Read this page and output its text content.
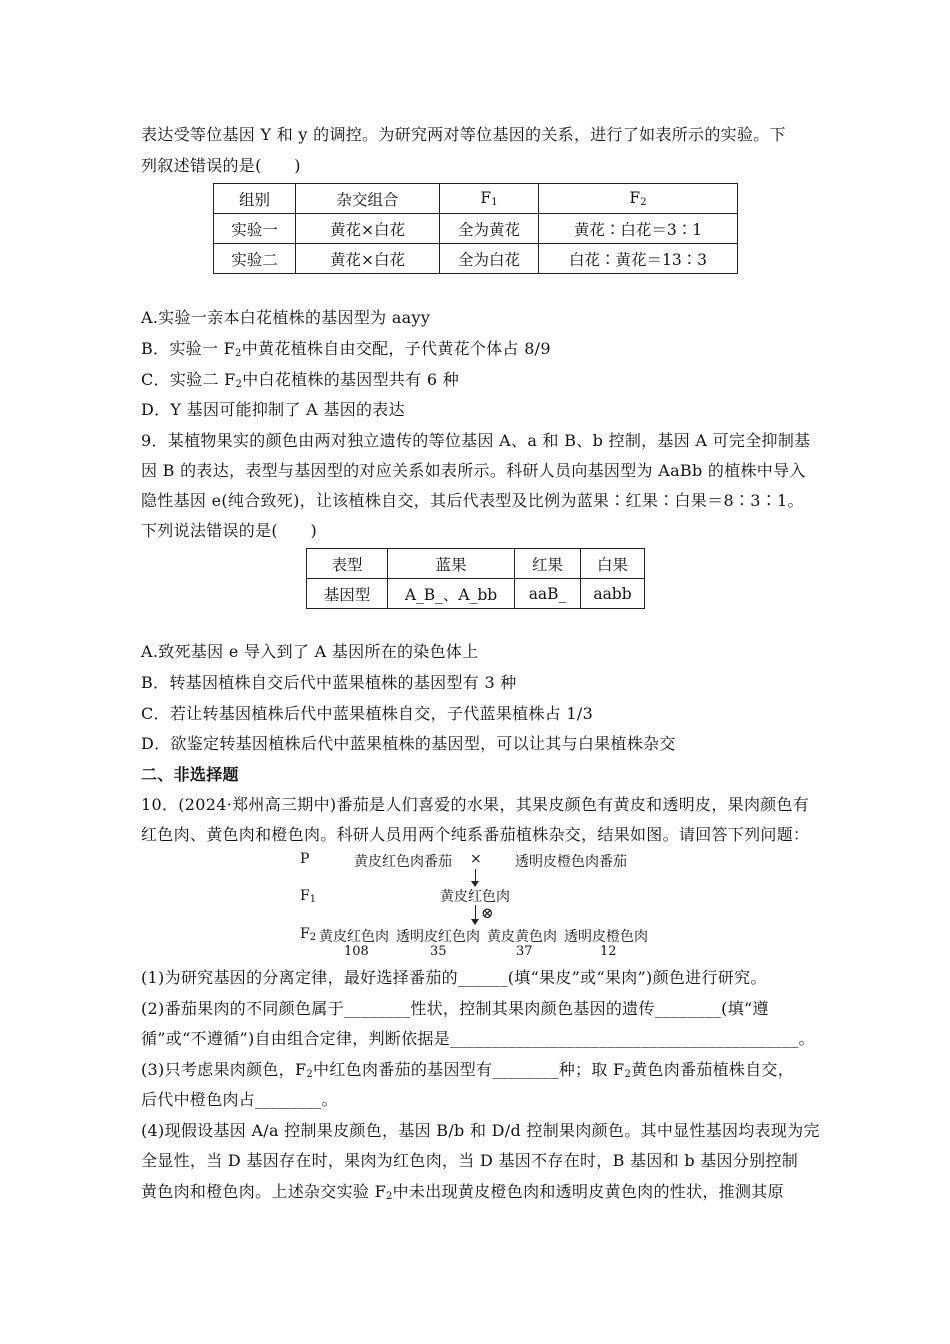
表达受等位基因 Y 和 y 的调控。为研究两对等位基因的关系，进行了如表所示的实验。下
列叙述错误的是(　　)
组别	杂交组合	$F_1$	$F_2$
实验一	黄花×白花	全为黄花	黄花∶白花＝3∶1
实验二	黄花×白花	全为白花	白花∶黄花＝13∶3
A.实验一亲本白花植株的基因型为 aayy
B．实验一 $F_2$中黄花植株自由交配，子代黄花个体占 8/9
C．实验二 $F_2$中白花植株的基因型共有 6 种
D．Y 基因可能抑制了 A 基因的表达
9．某植物果实的颜色由两对独立遗传的等位基因 A、a 和 B、b 控制，基因 A 可完全抑制基
因 B 的表达，表型与基因型的对应关系如表所示。科研人员向基因型为 AaBb 的植株中导入
隐性基因 e(纯合致死)，让该植株自交，其后代表型及比例为蓝果∶红果∶白果＝8∶3∶1。
下列说法错误的是(　　)
表型	蓝果	红果	白果
基因型	A_B_、A_bb	aaB_	aabb
A.致死基因 e 导入到了 A 基因所在的染色体上
B．转基因植株自交后代中蓝果植株的基因型有 3 种
C．若让转基因植株后代中蓝果植株自交，子代蓝果植株占 1/3
D．欲鉴定转基因植株后代中蓝果植株的基因型，可以让其与白果植株杂交
二、非选择题
10．(2024·郑州高三期中)番茄是人们喜爱的水果，其果皮颜色有黄皮和透明皮，果肉颜色有
红色肉、黄色肉和橙色肉。科研人员用两个纯系番茄植株杂交，结果如图。请回答下列问题：
P	黄皮红色肉番茄 × 透明皮橙色肉番茄
$F_1$	黄皮红色肉
⊗
$F_2$ 黄皮红色肉 透明皮红色肉 黄皮黄色肉 透明皮橙色肉
108	35	37	12
(1)为研究基因的分离定律，最好选择番茄的______(填“果皮”或“果肉”)颜色进行研究。
(2)番茄果肉的不同颜色属于________性状，控制其果肉颜色基因的遗传________(填“遵
循”或“不遵循”)自由组合定律，判断依据是__________________________________________。
(3)只考虑果肉颜色，$F_2$中红色肉番茄的基因型有________种；取 $F_2$黄色肉番茄植株自交，
后代中橙色肉占________。
(4)现假设基因 A/a 控制果皮颜色，基因 B/b 和 D/d 控制果肉颜色。其中显性基因均表现为完
全显性，当 D 基因存在时，果肉为红色肉，当 D 基因不存在时，B 基因和 b 基因分别控制
黄色肉和橙色肉。上述杂交实验 $F_2$中未出现黄皮橙色肉和透明皮黄色肉的性状，推测其原
